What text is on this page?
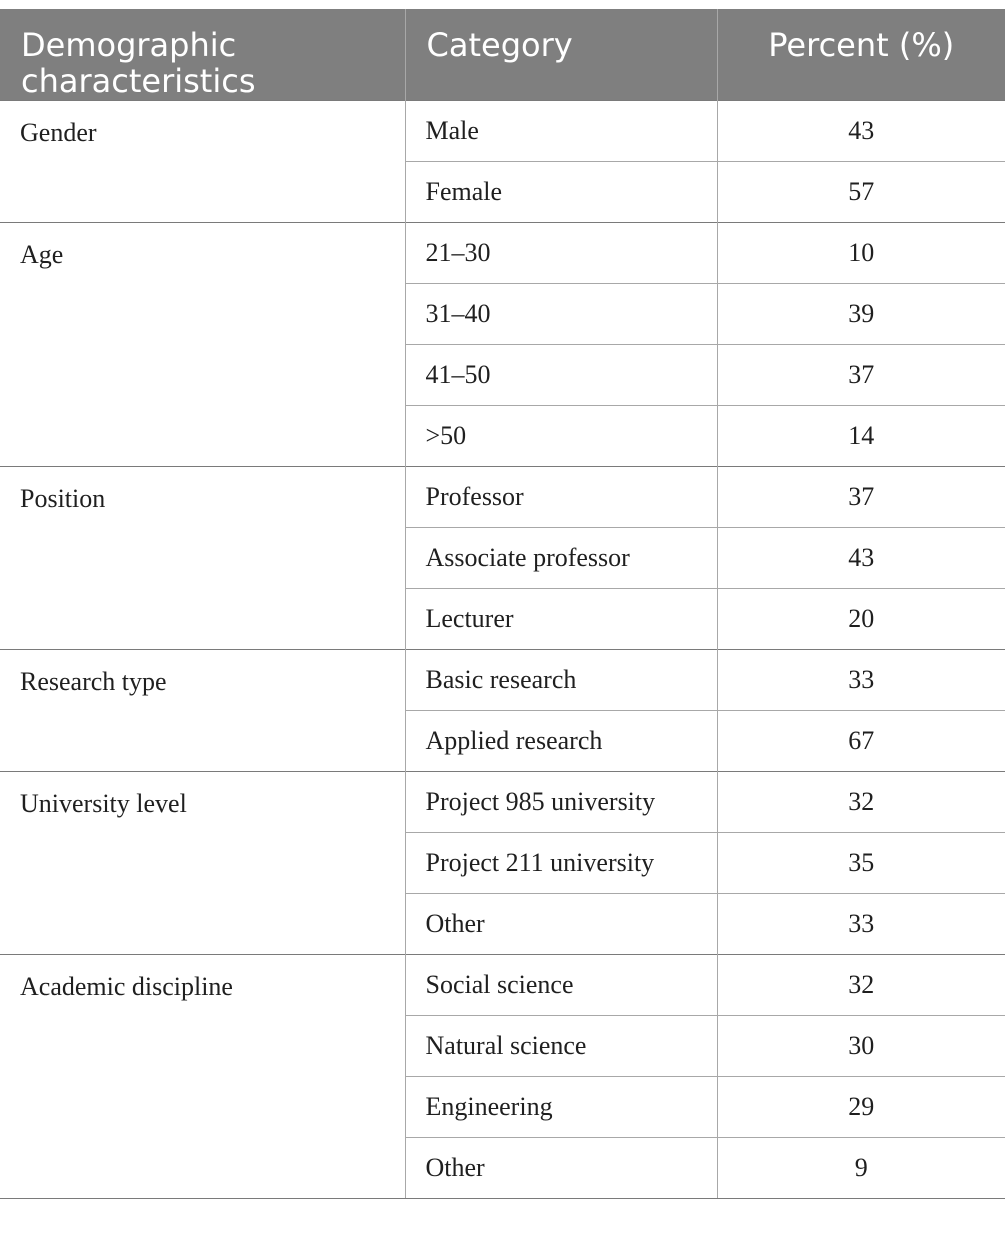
Demographic characteristics	Category	Percent (%)
Gender	Male	43
	Female	57
Age	21–30	10
	31–40	39
	41–50	37
	>50	14
Position	Professor	37
	Associate professor	43
	Lecturer	20
Research type	Basic research	33
	Applied research	67
University level	Project 985 university	32
	Project 211 university	35
	Other	33
Academic discipline	Social science	32
	Natural science	30
	Engineering	29
	Other	9
